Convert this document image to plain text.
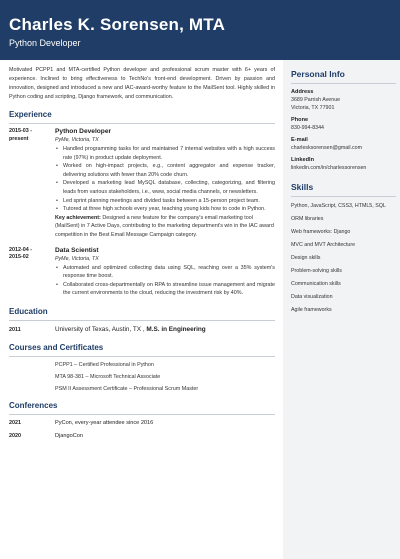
Charles K. Sorensen, MTA
Python Developer

Motivated PCPP1 and MTA-certified Python developer and professional scrum master with 6+ years of experience. Inclined to bring effectiveness to TechNo's front-end development. Driven by passion and innovation, designed and introduced a new and IAC-award-worthy feature to the MailSent tool. Highly skilled in Python coding and scripting, Django framework, and communication.

Experience
2015-03 -
present
Python Developer
PyMe, Victoria, TX
• Handled programming tasks for and maintained 7 internal websites with a high success rate (97%) in product update deployment.
• Worked on high-impact projects, e.g., content aggregator and expense tracker, delivering solutions with fewer than 20% code churn.
• Developed a marketing lead MySQL database, collecting, categorizing, and filtering leads from various stakeholders, i.e., www, social media channels, or newsletters.
• Led sprint planning meetings and divided tasks between a 15-person project team.
• Tutored at three high schools every year, teaching young kids how to code in Python.

Key achievement: Designed a new feature for the company's email marketing tool (MailSent) in 7 Active Days, contributing to the marketing department's win in the IAC award competition in the Best Email Message Campaign category.

2012-04 -
2015-02
Data Scientist
PyMe, Victoria, TX
• Automated and optimized collecting data using SQL, reaching over a 35% system's response time boost.
• Collaborated cross-departmentally on RPA to streamline issue management and migrate the current environments to the cloud, reducing the investment risk by 40%.
Education
2011	University of Texas, Austin, TX , M.S. in Engineering
Courses and Certificates
PCPP1 – Certified Professional in Python
MTA 98-381 – Microsoft Technical Associate
PSM II Assessment Certificate – Professional Scrum Master
Conferences
2021	PyCon, every-year attendee since 2016
2020	DjangoCon
Personal Info
Address
3689 Parrish Avenue
Victoria, TX 77901
Phone
830-994-8344
E-mail
charlesksorensen@gmail.com
LinkedIn
linkedin.com/in/charlessorensen
Skills
Python, JavaScript, CSS3, HTML5, SQL
ORM libraries
Web frameworks: Django
MVC and MVT Architecture
Design skills
Problem-solving skills
Communication skills
Data visualization
Agile frameworks
